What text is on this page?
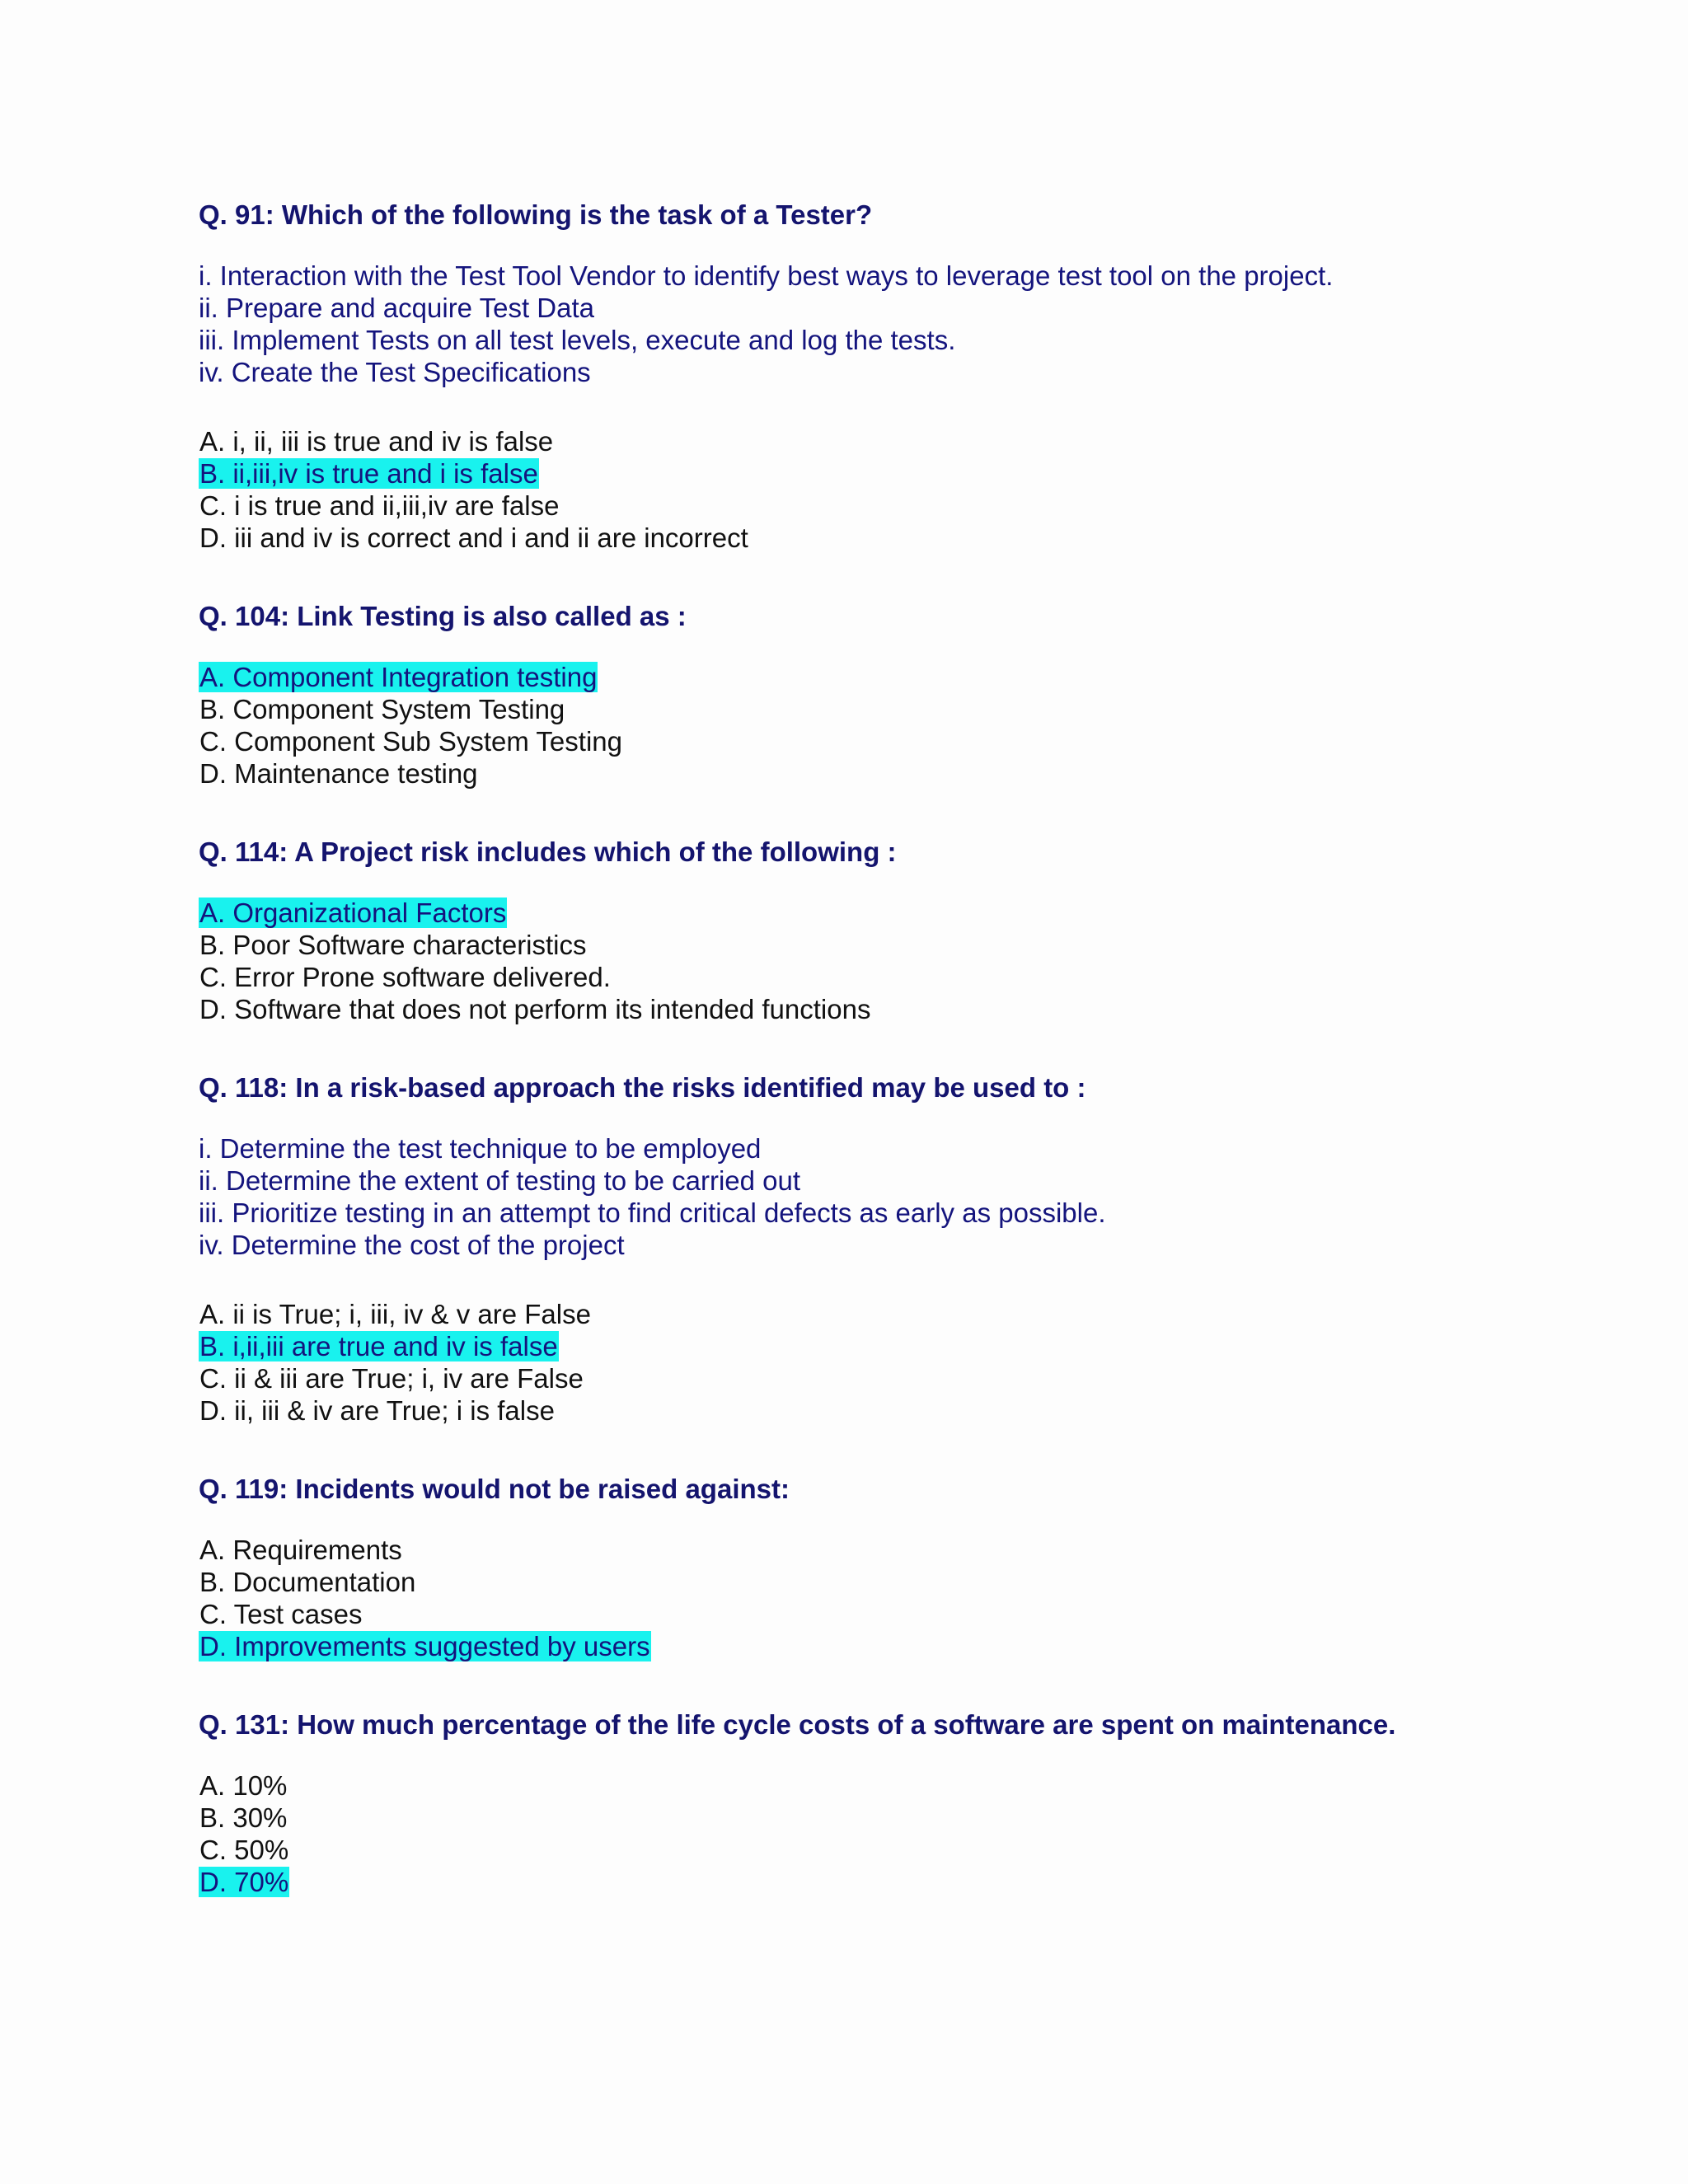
Q. 91: Which of the following is the task of a Tester?
i. Interaction with the Test Tool Vendor to identify best ways to leverage test tool on the project.
ii. Prepare and acquire Test Data
iii. Implement Tests on all test levels, execute and log the tests.
iv. Create the Test Specifications
A. i, ii, iii is true and iv is false
B. ii,iii,iv is true and i is false
C. i is true and ii,iii,iv are false
D. iii and iv is correct and i and ii are incorrect
Q. 104: Link Testing is also called as :
A. Component Integration testing
B. Component System Testing
C. Component Sub System Testing
D. Maintenance testing
Q. 114: A Project risk includes which of the following :
A. Organizational Factors
B. Poor Software characteristics
C. Error Prone software delivered.
D. Software that does not perform its intended functions
Q. 118: In a risk-based approach the risks identified may be used to :
i. Determine the test technique to be employed
ii. Determine the extent of testing to be carried out
iii. Prioritize testing in an attempt to find critical defects as early as possible.
iv. Determine the cost of the project
A. ii is True; i, iii, iv & v are False
B. i,ii,iii are true and iv is false
C. ii & iii are True; i, iv are False
D. ii, iii & iv are True; i is false
Q. 119: Incidents would not be raised against:
A. Requirements
B. Documentation
C. Test cases
D. Improvements suggested by users
Q. 131: How much percentage of the life cycle costs of a software are spent on maintenance.
A. 10%
B. 30%
C. 50%
D. 70%
